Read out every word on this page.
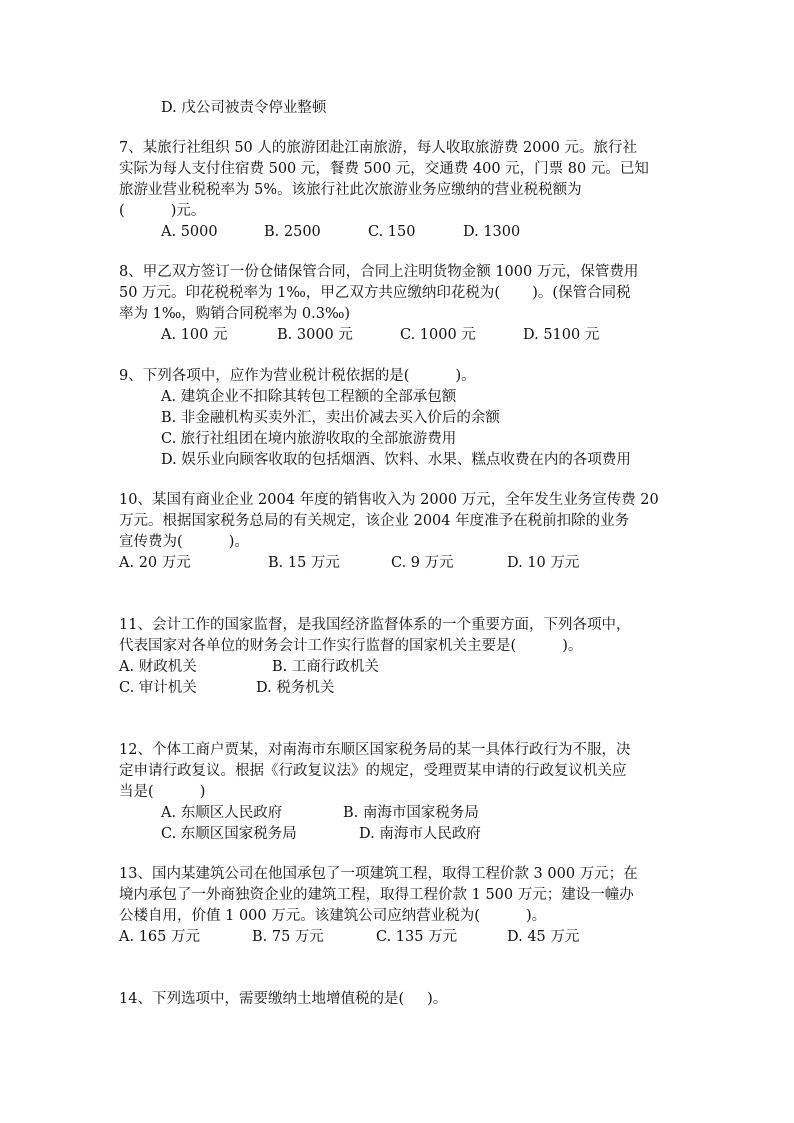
D. 戊公司被责令停业整顿
7、某旅行社组织 50 人的旅游团赴江南旅游，每人收取旅游费 2000 元。旅行社
实际为每人支付住宿费 500 元，餐费 500 元，交通费 400 元，门票 80 元。已知
旅游业营业税税率为 5%。该旅行社此次旅游业务应缴纳的营业税税额为
(          )元。
A. 5000	B. 2500	C. 150	D. 1300
8、甲乙双方签订一份仓储保管合同，合同上注明货物金额 1000 万元，保管费用
50 万元。印花税税率为 1‰，甲乙双方共应缴纳印花税为(       )。(保管合同税
率为 1‰，购销合同税率为 0.3‰)
A. 100 元	B. 3000 元	C. 1000 元	D. 5100 元
9、下列各项中，应作为营业税计税依据的是(          )。
A. 建筑企业不扣除其转包工程额的全部承包额
B. 非金融机构买卖外汇，卖出价减去买入价后的余额
C. 旅行社组团在境内旅游收取的全部旅游费用
D. 娱乐业向顾客收取的包括烟酒、饮料、水果、糕点收费在内的各项费用
10、某国有商业企业 2004 年度的销售收入为 2000 万元，全年发生业务宣传费 20
万元。根据国家税务总局的有关规定，该企业 2004 年度准予在税前扣除的业务
宣传费为(          )。
A. 20 万元	B. 15 万元	C. 9 万元	D. 10 万元
11、会计工作的国家监督，是我国经济监督体系的一个重要方面，下列各项中，
代表国家对各单位的财务会计工作实行监督的国家机关主要是(          )。
A. 财政机关	B. 工商行政机关
C. 审计机关	D. 税务机关
12、个体工商户贾某，对南海市东顺区国家税务局的某一具体行政行为不服，决
定申请行政复议。根据《行政复议法》的规定，受理贾某申请的行政复议机关应
当是(          )
A. 东顺区人民政府	B. 南海市国家税务局
C. 东顺区国家税务局	D. 南海市人民政府
13、国内某建筑公司在他国承包了一项建筑工程，取得工程价款 3 000 万元；在
境内承包了一外商独资企业的建筑工程，取得工程价款 1 500 万元；建设一幢办
公楼自用，价值 1 000 万元。该建筑公司应纳营业税为(          )。
A. 165 万元	B. 75 万元	C. 135 万元	D. 45 万元
14、下列选项中，需要缴纳土地增值税的是(     )。
